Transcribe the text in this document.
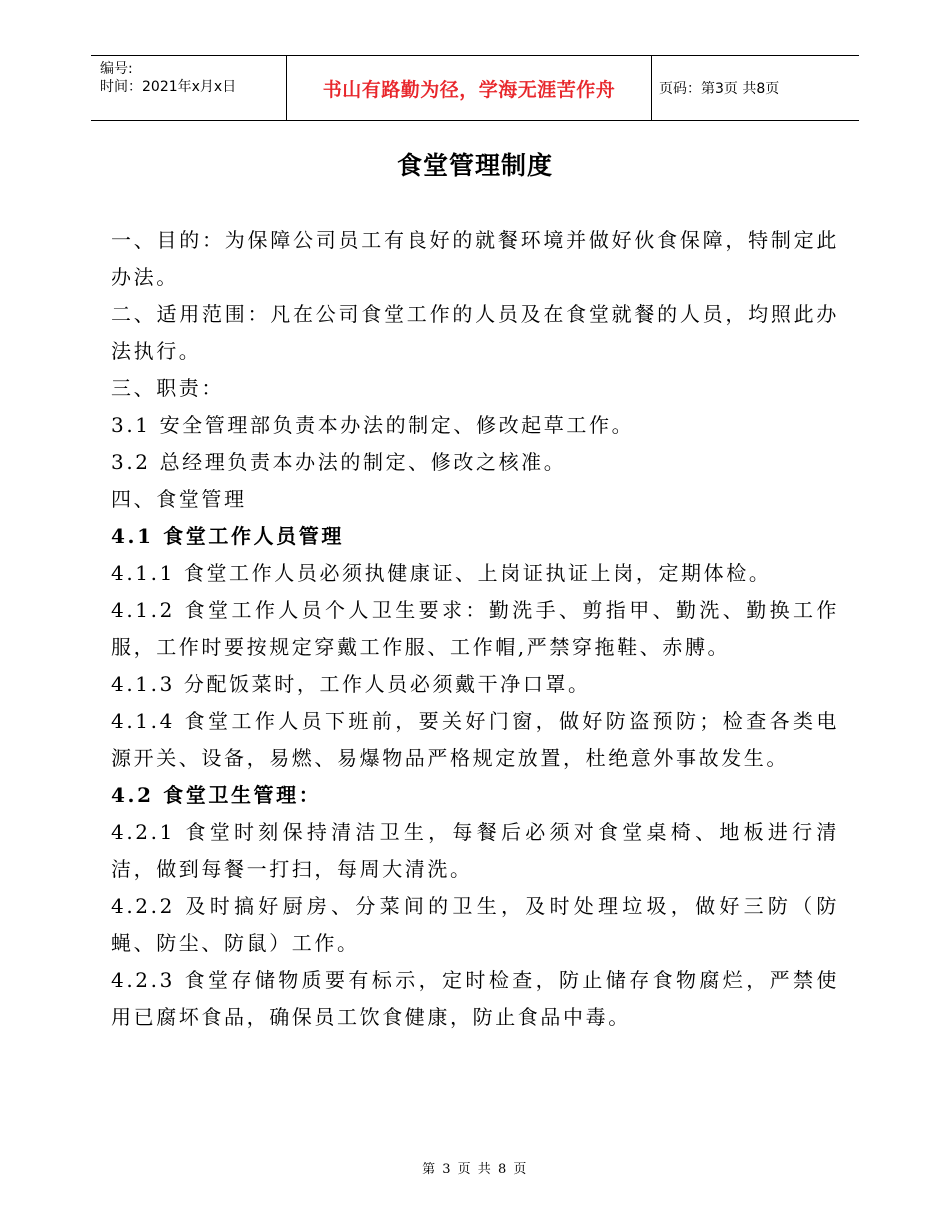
编号:
时间：2021年x月x日	书山有路勤为径，学海无涯苦作舟	页码：第3页 共8页
食堂管理制度

一、目的：为保障公司员工有良好的就餐环境并做好伙食保障，特制定此办法。

二、适用范围：凡在公司食堂工作的人员及在食堂就餐的人员，均照此办法执行。

三、职责：

3.1 安全管理部负责本办法的制定、修改起草工作。

3.2 总经理负责本办法的制定、修改之核准。

四、食堂管理

4.1 食堂工作人员管理

4.1.1 食堂工作人员必须执健康证、上岗证执证上岗，定期体检。

4.1.2 食堂工作人员个人卫生要求：勤洗手、剪指甲、勤洗、勤换工作服，工作时要按规定穿戴工作服、工作帽,严禁穿拖鞋、赤膊。

4.1.3 分配饭菜时，工作人员必须戴干净口罩。

4.1.4 食堂工作人员下班前，要关好门窗，做好防盗预防；检查各类电源开关、设备，易燃、易爆物品严格规定放置，杜绝意外事故发生。

4.2 食堂卫生管理：

4.2.1 食堂时刻保持清洁卫生，每餐后必须对食堂桌椅、地板进行清洁，做到每餐一打扫，每周大清洗。

4.2.2 及时搞好厨房、分菜间的卫生，及时处理垃圾，做好三防（防蝇、防尘、防鼠）工作。

4.2.3 食堂存储物质要有标示，定时检查，防止储存食物腐烂，严禁使用已腐坏食品，确保员工饮食健康，防止食品中毒。

第 3 页 共 8 页
